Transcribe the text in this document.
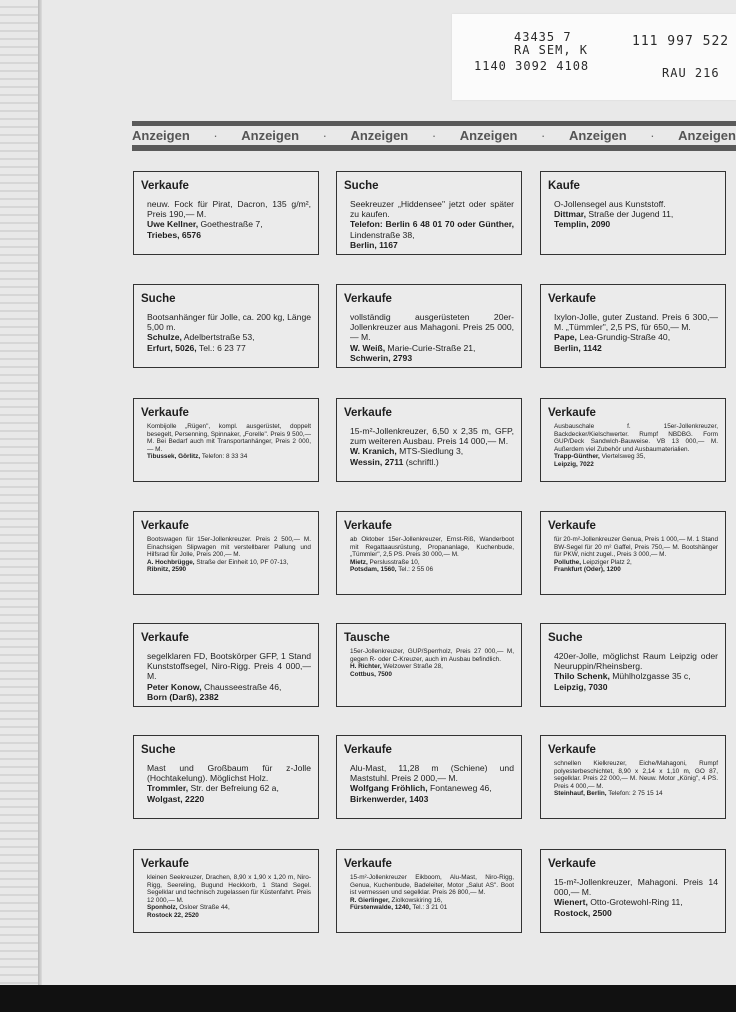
43435 7
RA SEM, K
1140 3092 4108
111 997 522
RAU 216
Anzeigen · Anzeigen · Anzeigen · Anzeigen · Anzeigen · Anzeigen
Verkaufe

neuw. Fock für Pirat, Dacron, 135 g/m², Preis 190,— M.

Uwe Kellner, Goethestraße 7,

Triebes, 6576

Suche

Seekreuzer „Hiddensee" jetzt oder später zu kaufen.

Telefon: Berlin 6 48 01 70 oder Günther, Lindenstraße 38,

Berlin, 1167

Kaufe

O-Jollensegel aus Kunststoff.

Dittmar, Straße der Jugend 11,

Templin, 2090

Suche

Bootsanhänger für Jolle, ca. 200 kg, Länge 5,00 m.

Schulze, Adelbertstraße 53,

Erfurt, 5026, Tel.: 6 23 77

Verkaufe

vollständig ausgerüsteten 20er-Jollenkreuzer aus Mahagoni. Preis 25 000,— M.

W. Weiß, Marie-Curie-Straße 21,

Schwerin, 2793

Verkaufe

Ixylon-Jolle, guter Zustand. Preis 6 300,— M. „Tümmler", 2,5 PS, für 650,— M.

Pape, Lea-Grundig-Straße 40,

Berlin, 1142

Verkaufe

Kombijolle „Rügen", kompl. ausgerüstet, doppelt besegelt, Persenning, Spinnaker, „Forelle". Preis 9 500,— M. Bei Bedarf auch mit Transportanhänger, Preis 2 000,— M.

Tibussek, Görlitz, Telefon: 8 33 34

Verkaufe

15-m²-Jollenkreuzer, 6,50 x 2,35 m, GFP, zum weiteren Ausbau. Preis 14 000,— M.

W. Kranich, MTS-Siedlung 3,

Wessin, 2711 (schriftl.)

Verkaufe

Ausbauschale f. 15er-Jollenkreuzer, Backdecker/Kielschwerter. Rumpf NBDBG. Form GUP/Deck Sandwich-Bauweise. VB 13 000,— M. Außerdem viel Zubehör und Ausbaumaterialien.

Trapp-Günther, Viertelsweg 35,

Leipzig, 7022

Verkaufe

Bootswagen für 15er-Jollenkreuzer. Preis 2 500,— M. Einachsigen Slipwagen mit verstellbarer Pallung und Hilfsrad für Jolle, Preis 200,— M.

A. Hochbrügge, Straße der Einheit 10, PF 07-13,

Ribnitz, 2590

Verkaufe

ab Oktober 15er-Jollenkreuzer, Ernst-Riß, Wanderboot mit Regattaausrüstung, Propananlage, Kuchenbude, „Tümmler", 2,5 PS. Preis 30 000,— M.

Mietz, Perslusstraße 10,

Potsdam, 1560, Tel.: 2 55 06

Verkaufe

für 20-m²-Jollenkreuzer Genua, Preis 1 000,— M. 1 Stand BW-Segel für 20 m² Gaffel, Preis 750,— M. Bootshänger für PKW, nicht zugel., Preis 3 000,— M.

Polluthe, Leipziger Platz 2,

Frankfurt (Oder), 1200

Verkaufe

segelklaren FD, Bootskörper GFP, 1 Stand Kunststoffsegel, Niro-Rigg. Preis 4 000,— M.

Peter Konow, Chausseestraße 46,

Born (Darß), 2382

Tausche

15er-Jollenkreuzer, GUP/Sperrholz, Preis 27 000,— M, gegen R- oder C-Kreuzer, auch im Ausbau befindlich.

H. Richter, Welzower Straße 28,

Cottbus, 7500

Suche

420er-Jolle, möglichst Raum Leipzig oder Neuruppin/Rheinsberg.

Thilo Schenk, Mühlholzgasse 35 c,

Leipzig, 7030

Suche

Mast und Großbaum für z-Jolle (Hochtakelung). Möglichst Holz.

Trommler, Str. der Befreiung 62 a,

Wolgast, 2220

Verkaufe

Alu-Mast, 11,28 m (Schiene) und Maststuhl. Preis 2 000,— M.

Wolfgang Fröhlich, Fontaneweg 46,

Birkenwerder, 1403

Verkaufe

schnellen Kielkreuzer, Eiche/Mahagoni, Rumpf polyesterbeschichtet, 8,90 x 2,14 x 1,10 m, GO 87, segelklar. Preis 22 000,— M. Neuw. Motor „König", 4 PS. Preis 4 000,— M.

Steinhauf, Berlin, Telefon: 2 75 15 14

Verkaufe

kleinen Seekreuzer, Drachen, 8,90 x 1,90 x 1,20 m, Niro-Rigg, Seereling, Bugund Heckkorb, 1 Stand Segel. Segelklar und technisch zugelassen für Küstenfahrt. Preis 12 000,— M.

Sponholz, Osloer Straße 44,

Rostock 22, 2520

Verkaufe

15-m²-Jollenkreuzer Eikboom, Alu-Mast, Niro-Rigg, Genua, Kuchenbude, Badeleiter, Motor „Salut AS". Boot ist vermessen und segelklar. Preis 26 800,— M.

R. Gierlinger, Ziolkowskiring 16,

Fürstenwalde, 1240, Tel.: 3 21 01

Verkaufe

15-m²-Jollenkreuzer, Mahagoni. Preis 14 000,— M.

Wienert, Otto-Grotewohl-Ring 11,

Rostock, 2500
